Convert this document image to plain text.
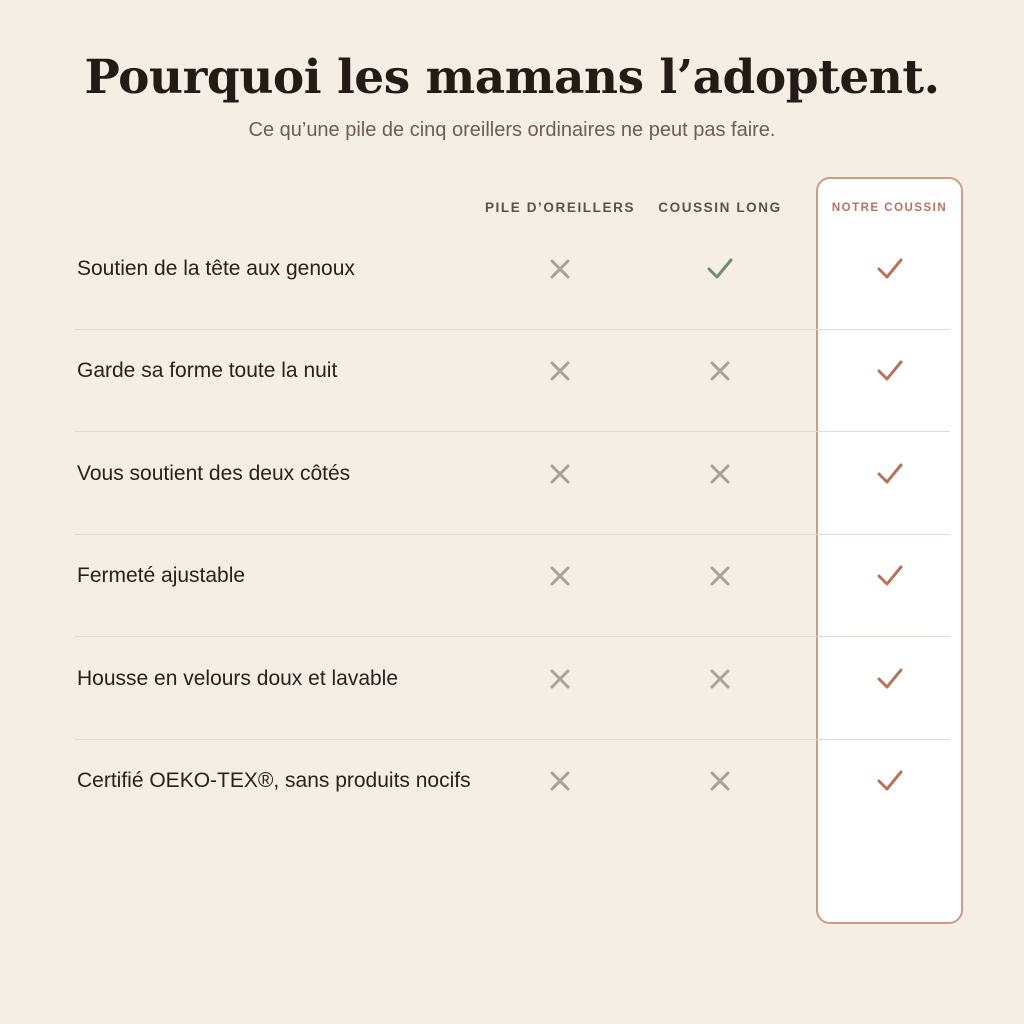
Pourquoi les mamans l’adoptent.
Ce qu’une pile de cinq oreillers ordinaires ne peut pas faire.
PILE D’OREILLERS	COUSSIN LONG	NOTRE COUSSIN
Soutien de la tête aux genoux
Garde sa forme toute la nuit
Vous soutient des deux côtés
Fermeté ajustable
Housse en velours doux et lavable
Certifié OEKO-TEX®, sans produits nocifs
